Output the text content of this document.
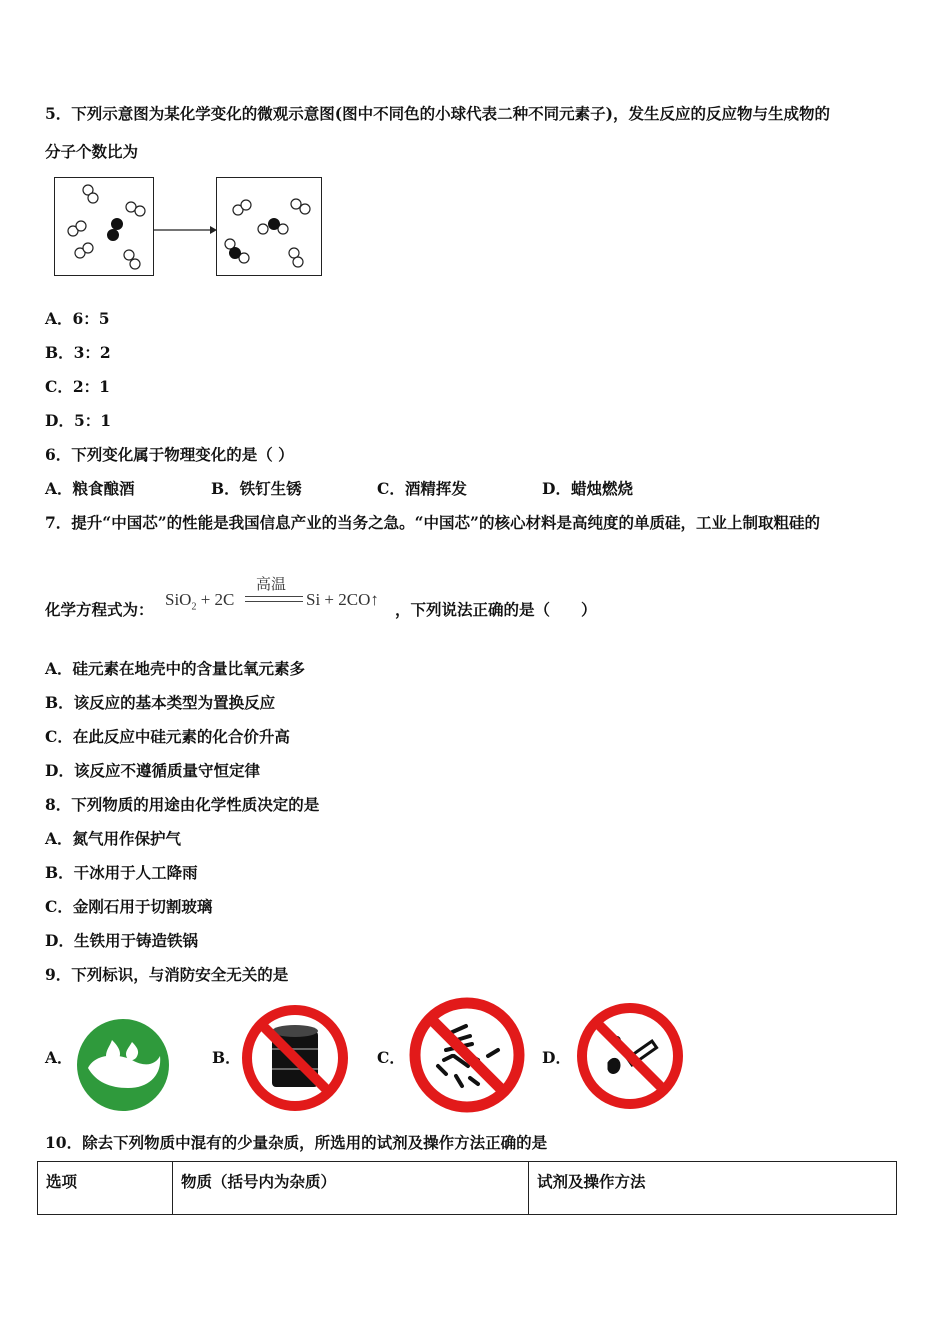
5．下列示意图为某化学变化的微观示意图(图中不同色的小球代表二种不同元素子)，发生反应的反应物与生成物的
分子个数比为
A．6：5
B．3：2
C．2：1
D．5：1
6．下列变化属于物理变化的是（ ）
A．粮食酿酒	B．铁钉生锈	C．酒精挥发	D．蜡烛燃烧
7．提升“中国芯”的性能是我国信息产业的当务之急。“中国芯”的核心材料是高纯度的单质硅，工业上制取粗硅的
化学方程式为：
SiO$_2$ + 2C
高温
Si + 2CO↑
，下列说法正确的是（　　）
A．硅元素在地壳中的含量比氧元素多
B．该反应的基本类型为置换反应
C．在此反应中硅元素的化合价升高
D．该反应不遵循质量守恒定律
8．下列物质的用途由化学性质决定的是
A．氮气用作保护气
B．干冰用于人工降雨
C．金刚石用于切割玻璃
D．生铁用于铸造铁锅
9．下列标识，与消防安全无关的是
A．	B．	C．	D．
10．除去下列物质中混有的少量杂质，所选用的试剂及操作方法正确的是
选项	物质（括号内为杂质）	试剂及操作方法
